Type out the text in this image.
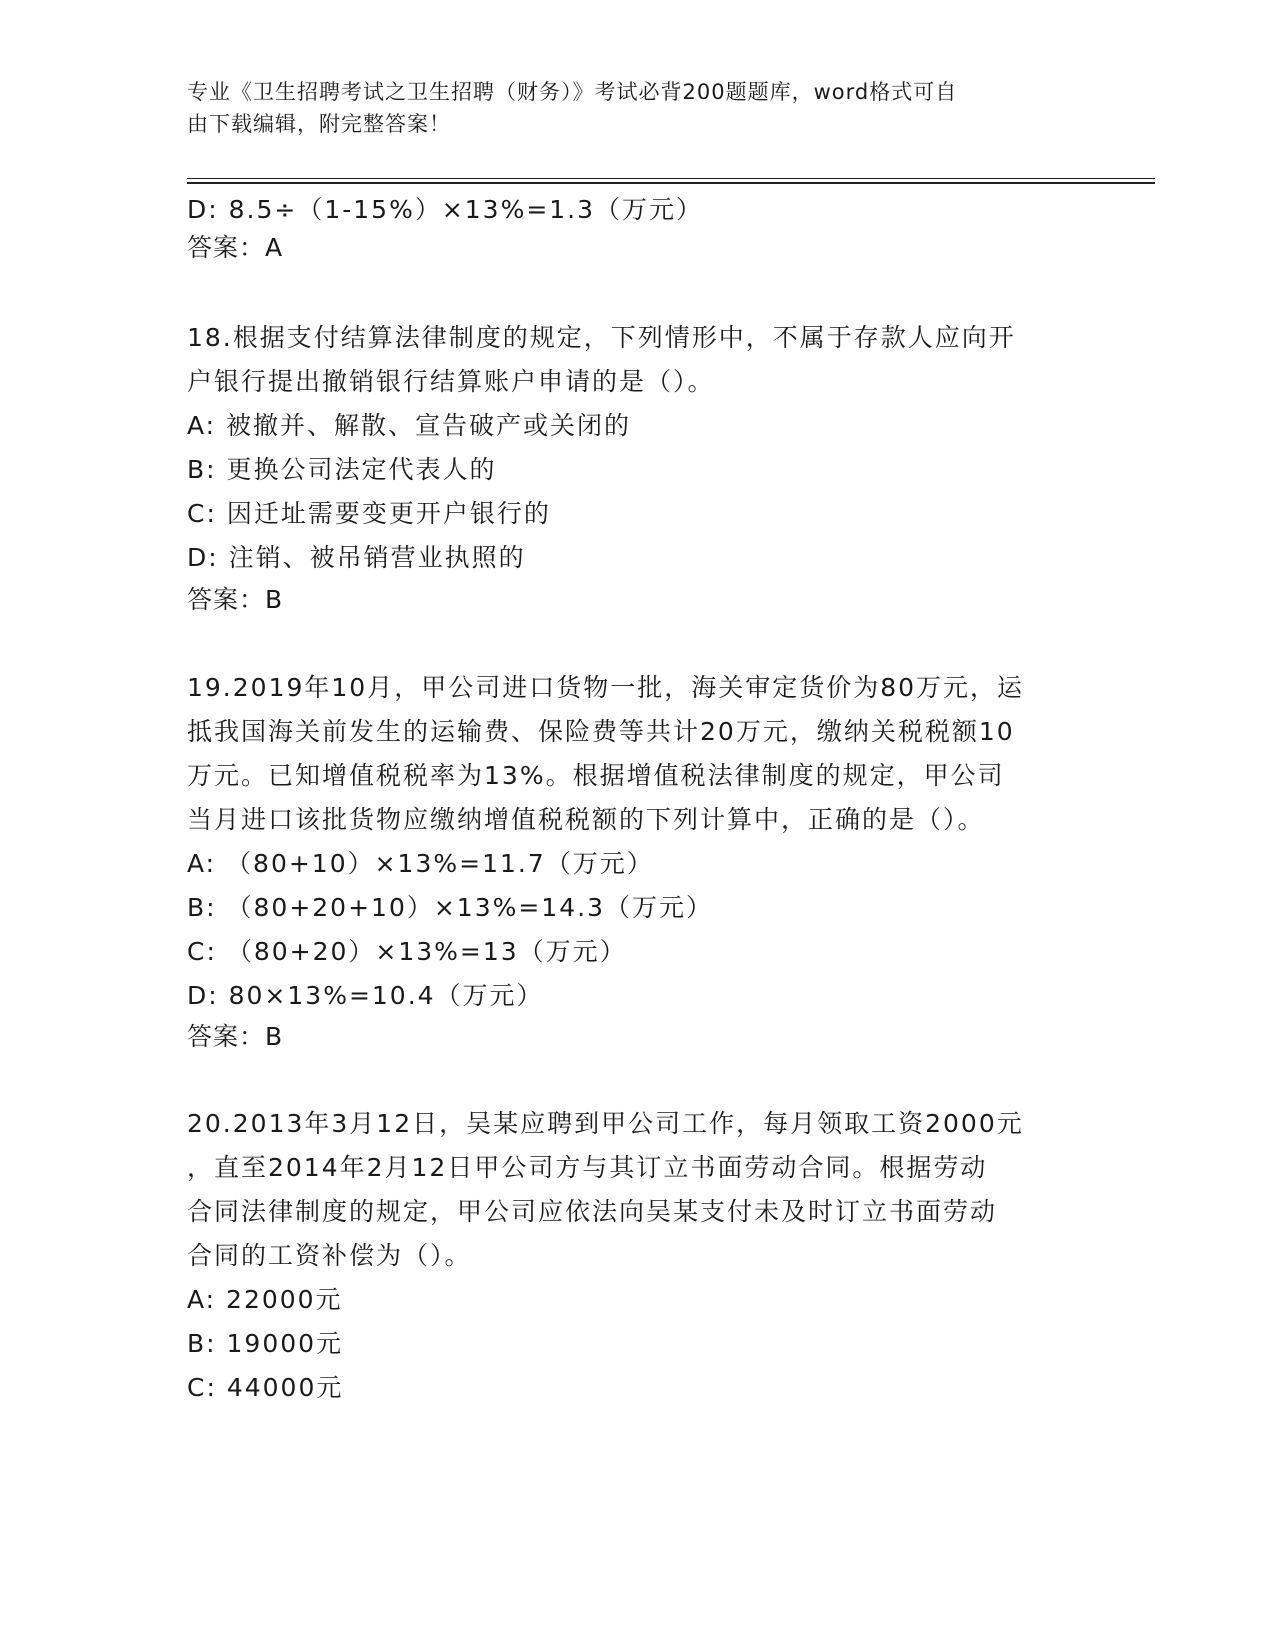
专业《卫生招聘考试之卫生招聘（财务）》考试必背200题题库，word格式可自
由下载编辑，附完整答案！
D: 8.5÷（1-15%）×13%=1.3（万元）
答案：A
18.根据支付结算法律制度的规定，下列情形中，不属于存款人应向开
户银行提出撤销银行结算账户申请的是（）。
A: 被撤并、解散、宣告破产或关闭的
B: 更换公司法定代表人的
C: 因迁址需要变更开户银行的
D: 注销、被吊销营业执照的
答案：B
19.2019年10月，甲公司进口货物一批，海关审定货价为80万元，运
抵我国海关前发生的运输费、保险费等共计20万元，缴纳关税税额10
万元。已知增值税税率为13%。根据增值税法律制度的规定，甲公司
当月进口该批货物应缴纳增值税税额的下列计算中，正确的是（）。
A: （80+10）×13%=11.7（万元）
B: （80+20+10）×13%=14.3（万元）
C: （80+20）×13%=13（万元）
D: 80×13%=10.4（万元）
答案：B
20.2013年3月12日，吴某应聘到甲公司工作，每月领取工资2000元
，直至2014年2月12日甲公司方与其订立书面劳动合同。根据劳动
合同法律制度的规定，甲公司应依法向吴某支付未及时订立书面劳动
合同的工资补偿为（）。
A: 22000元
B: 19000元
C: 44000元
